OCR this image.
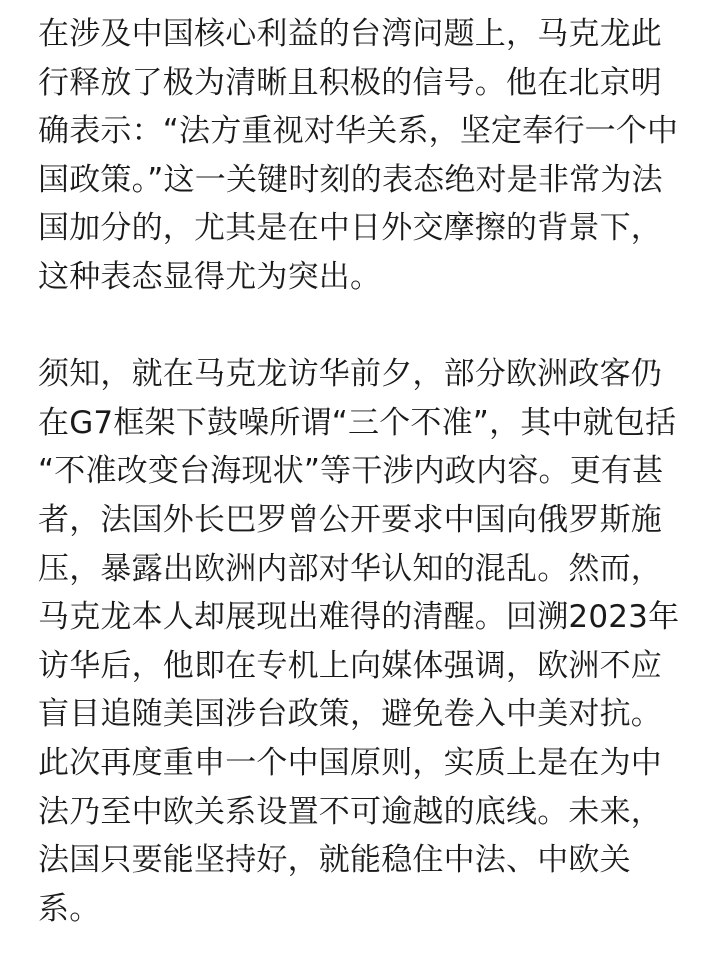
在涉及中国核心利益的台湾问题上，马克龙此
行释放了极为清晰且积极的信号。他在北京明
确表示：“法方重视对华关系，坚定奉行一个中
国政策。”这一关键时刻的表态绝对是非常为法
国加分的，尤其是在中日外交摩擦的背景下，
这种表态显得尤为突出。
须知，就在马克龙访华前夕，部分欧洲政客仍
在G7框架下鼓噪所谓“三个不准”，其中就包括
“不准改变台海现状”等干涉内政内容。更有甚
者，法国外长巴罗曾公开要求中国向俄罗斯施
压，暴露出欧洲内部对华认知的混乱。然而，
马克龙本人却展现出难得的清醒。回溯2023年
访华后，他即在专机上向媒体强调，欧洲不应
盲目追随美国涉台政策，避免卷入中美对抗。
此次再度重申一个中国原则，实质上是在为中
法乃至中欧关系设置不可逾越的底线。未来，
法国只要能坚持好，就能稳住中法、中欧关
系。
